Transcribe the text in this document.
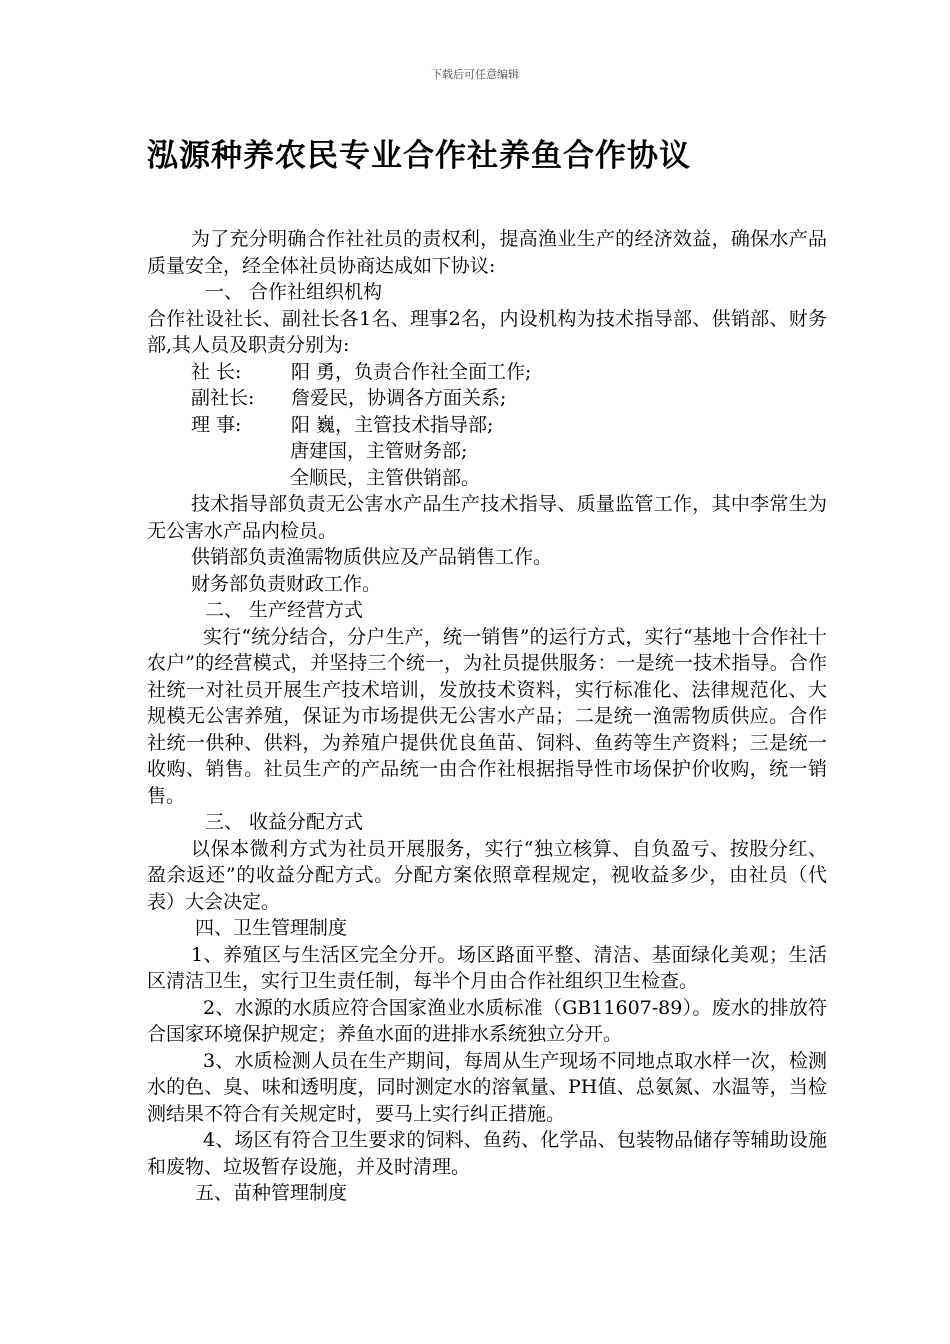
下载后可任意编辑
泓源种养农民专业合作社养鱼合作协议

为了充分明确合作社社员的责权利，提高渔业生产的经济效益，确保水产品质量安全，经全体社员协商达成如下协议:

一、 合作社组织机构

合作社设社长、副社长各1名、理事2名，内设机构为技术指导部、供销部、财务部,其人员及职责分别为:

社 长:	阳 勇，负责合作社全面工作;

副社长: 詹爱民，协调各方面关系;

理 事:	阳 巍，主管技术指导部;

唐建国，主管财务部;

全顺民，主管供销部。

技术指导部负责无公害水产品生产技术指导、质量监管工作，其中李常生为无公害水产品内检员。

供销部负责渔需物质供应及产品销售工作。

财务部负责财政工作。

二、 生产经营方式

实行“统分结合，分户生产，统一销售”的运行方式，实行“基地十合作社十农户”的经营模式，并坚持三个统一，为社员提供服务：一是统一技术指导。合作社统一对社员开展生产技术培训，发放技术资料，实行标准化、法律规范化、大规模无公害养殖，保证为市场提供无公害水产品；二是统一渔需物质供应。合作社统一供种、供料，为养殖户提供优良鱼苗、饲料、鱼药等生产资料；三是统一收购、销售。社员生产的产品统一由合作社根据指导性市场保护价收购，统一销售。

三、 收益分配方式

以保本微利方式为社员开展服务，实行“独立核算、自负盈亏、按股分红、盈余返还”的收益分配方式。分配方案依照章程规定，视收益多少，由社员（代表）大会决定。

四、卫生管理制度

1、养殖区与生活区完全分开。场区路面平整、清洁、基面绿化美观；生活区清洁卫生，实行卫生责任制，每半个月由合作社组织卫生检查。

2、水源的水质应符合国家渔业水质标准（GB11607-89）。废水的排放符合国家环境保护规定；养鱼水面的进排水系统独立分开。

3、水质检测人员在生产期间，每周从生产现场不同地点取水样一次，检测水的色、臭、味和透明度，同时测定水的溶氧量、PH值、总氨氮、水温等，当检测结果不符合有关规定时，要马上实行纠正措施。

4、场区有符合卫生要求的饲料、鱼药、化学品、包装物品储存等辅助设施和废物、垃圾暂存设施，并及时清理。

五、苗种管理制度
